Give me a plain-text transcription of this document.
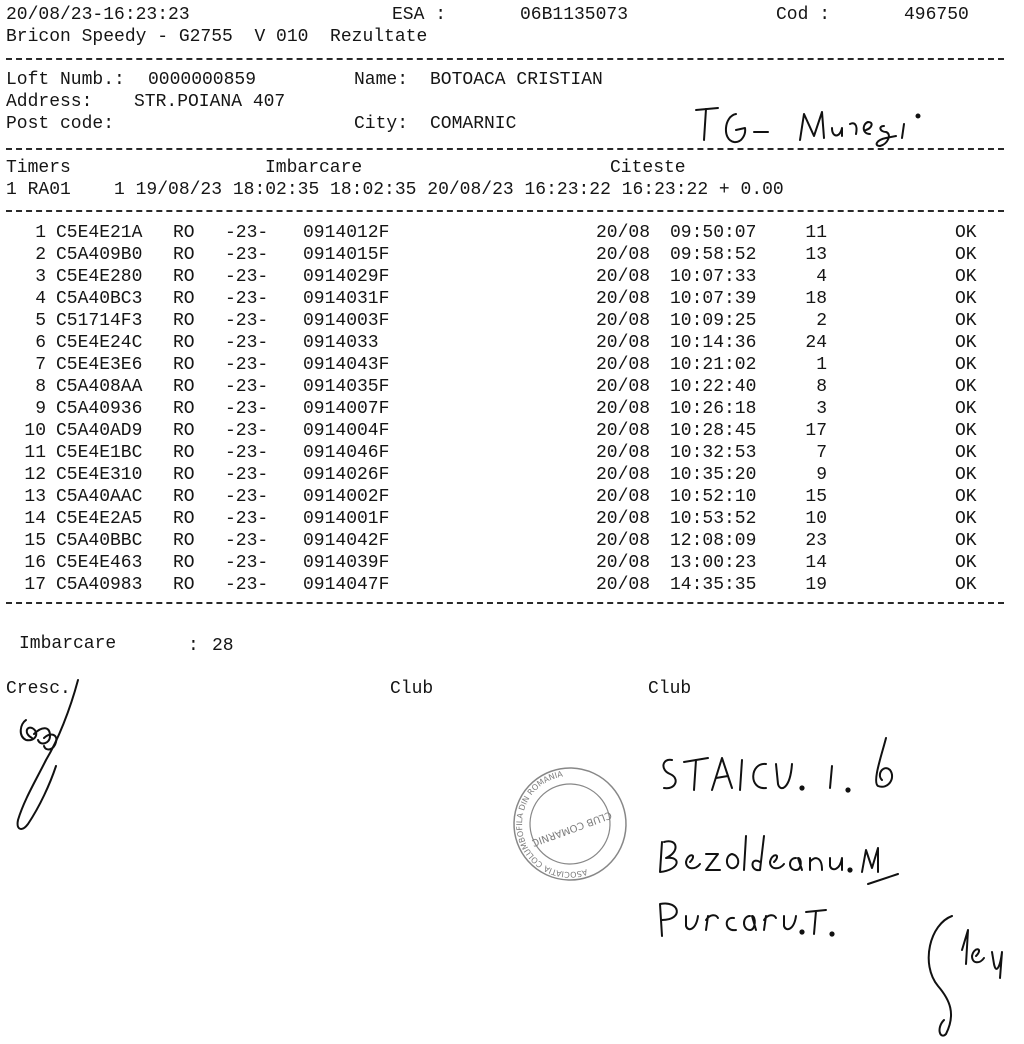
20/08/23-16:23:23	ESA :	06B1135073	Cod :	496750
Bricon Speedy - G2755  V 010  Rezultate
Loft Numb.: 0000000859	Name: BOTOACA CRISTIAN
Address: STR.POIANA 407
Post code:	City: COMARNIC
Timers	Imbarcare	Citeste
1 RA01    1 19/08/23 18:02:35 18:02:35 20/08/23 16:23:22 16:23:22 + 0.00
1 C5E4E21A RO -23- 0914012F	20/08 09:50:07	11	OK
2 C5A409B0 RO -23- 0914015F	20/08 09:58:52	13	OK
3 C5E4E280 RO -23- 0914029F	20/08 10:07:33	4	OK
4 C5A40BC3 RO -23- 0914031F	20/08 10:07:39	18	OK
5 C51714F3 RO -23- 0914003F	20/08 10:09:25	2	OK
6 C5E4E24C RO -23- 0914033	20/08 10:14:36	24	OK
7 C5E4E3E6 RO -23- 0914043F	20/08 10:21:02	1	OK
8 C5A408AA RO -23- 0914035F	20/08 10:22:40	8	OK
9 C5A40936 RO -23- 0914007F	20/08 10:26:18	3	OK
10 C5A40AD9 RO -23- 0914004F	20/08 10:28:45	17	OK
11 C5E4E1BC RO -23- 0914046F	20/08 10:32:53	7	OK
12 C5E4E310 RO -23- 0914026F	20/08 10:35:20	9	OK
13 C5A40AAC RO -23- 0914002F	20/08 10:52:10	15	OK
14 C5E4E2A5 RO -23- 0914001F	20/08 10:53:52	10	OK
15 C5A40BBC RO -23- 0914042F	20/08 12:08:09	23	OK
16 C5E4E463 RO -23- 0914039F	20/08 13:00:23	14	OK
17 C5A40983 RO -23- 0914047F	20/08 14:35:35	19	OK
Imbarcare	: 28
Cresc.	Club	Club
ASOCIATIA COLUMBOFILA DIN ROMANIA
CLUB COMARNIC
